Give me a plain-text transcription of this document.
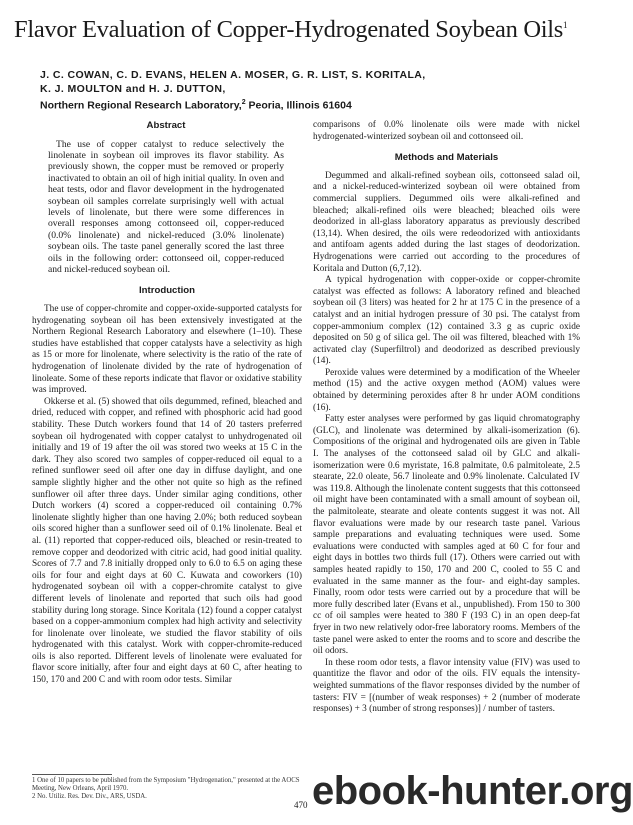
Flavor Evaluation of Copper-Hydrogenated Soybean Oils$^1$
J. C. COWAN, C. D. EVANS, HELEN A. MOSER, G. R. LIST, S. KORITALA,
K. J. MOULTON and H. J. DUTTON,
Northern Regional Research Laboratory,$^2$ Peoria, Illinois 61604
Abstract

The use of copper catalyst to reduce selectively the linolenate in soybean oil improves its flavor stability. As previously shown, the copper must be removed or properly inactivated to obtain an oil of high initial quality. In oven and heat tests, odor and flavor development in the hydrogenated soybean oil samples correlate surprisingly well with actual levels of linolenate, but there were some differences in overall responses among cottonseed oil, copper-reduced (0.0% linolenate) and nickel-reduced (3.0% linolenate) soybean oils. The taste panel generally scored the last three oils in the following order: cottonseed oil, copper-reduced and nickel-reduced soybean oil.

Introduction

The use of copper-chromite and copper-oxide-supported catalysts for hydrogenating soybean oil has been extensively investigated at the Northern Regional Research Laboratory and elsewhere (1–10). These studies have established that copper catalysts have a selectivity as high as 15 or more for linolenate, where selectivity is the ratio of the rate of hydrogenation of linolenate divided by the rate of hydrogenation of linoleate. Some of these reports indicate that flavor or oxidative stability was improved.

Okkerse et al. (5) showed that oils degummed, refined, bleached and dried, reduced with copper, and refined with phosphoric acid had good stability. These Dutch workers found that 14 of 20 tasters preferred soybean oil hydrogenated with copper catalyst to unhydrogenated oil initially and 19 of 19 after the oil was stored two weeks at 15 C in the dark. They also scored two samples of copper-reduced oil equal to a refined sunflower seed oil after one day in diffuse daylight, and one sample slightly higher and the other not quite so high as the refined sunflower oil after three days. Under similar aging conditions, other Dutch workers (4) scored a copper-reduced oil containing 0.7% linolenate slightly higher than one having 2.0%; both reduced soybean oils scored higher than a sunflower seed oil of 0.1% linolenate. Beal et al. (11) reported that copper-reduced oils, bleached or resin-treated to remove copper and deodorized with citric acid, had good initial quality. Scores of 7.7 and 7.8 initially dropped only to 6.0 to 6.5 on aging these oils for four and eight days at 60 C. Kuwata and coworkers (10) hydrogenated soybean oil with a copper-chromite catalyst to give different levels of linolenate and reported that such oils had good stability during long storage. Since Koritala (12) found a copper catalyst based on a copper-ammonium complex had high activity and selectivity for linolenate over linoleate, we studied the flavor stability of oils hydrogenated with this catalyst. Work with copper-chromite-reduced oils is also reported. Different levels of linolenate were evaluated for flavor score initially, after four and eight days at 60 C, after heating to 150, 170 and 200 C and with room odor tests. Similar

comparisons of 0.0% linolenate oils were made with nickel hydrogenated-winterized soybean oil and cottonseed oil.

Methods and Materials

Degummed and alkali-refined soybean oils, cottonseed salad oil, and a nickel-reduced-winterized soybean oil were obtained from commercial suppliers. Degummed oils were alkali-refined and bleached; alkali-refined oils were bleached; bleached oils were deodorized in all-glass laboratory apparatus as previously described (13,14). When desired, the oils were redeodorized with antioxidants and antifoam agents added during the last stages of deodorization. Hydrogenations were carried out according to the procedures of Koritala and Dutton (6,7,12).

A typical hydrogenation with copper-oxide or copper-chromite catalyst was effected as follows: A laboratory refined and bleached soybean oil (3 liters) was heated for 2 hr at 175 C in the presence of a catalyst and an initial hydrogen pressure of 30 psi. The catalyst from copper-ammonium complex (12) contained 3.3 g as cupric oxide deposited on 50 g of silica gel. The oil was filtered, bleached with 1% activated clay (Superfiltrol) and deodorized as described previously (14).

Peroxide values were determined by a modification of the Wheeler method (15) and the active oxygen method (AOM) values were obtained by determining peroxides after 8 hr under AOM conditions (16).

Fatty ester analyses were performed by gas liquid chromatography (GLC), and linolenate was determined by alkali-isomerization (6). Compositions of the original and hydrogenated oils are given in Table I. The analyses of the cottonseed salad oil by GLC and alkali-isomerization were 0.6 myristate, 16.8 palmitate, 0.6 palmitoleate, 2.5 stearate, 22.0 oleate, 56.7 linoleate and 0.9% linolenate. Calculated IV was 119.8. Although the linolenate content suggests that this cottonseed oil might have been contaminated with a small amount of soybean oil, the palmitoleate, stearate and oleate contents suggest it was not. All flavor evaluations were made by our research taste panel. Various sample preparations and evaluating techniques were used. Some evaluations were conducted with samples aged at 60 C for four and eight days in bottles two thirds full (17). Others were carried out with samples heated rapidly to 150, 170 and 200 C, cooled to 55 C and evaluated in the same manner as the four- and eight-day samples. Finally, room odor tests were carried out by a procedure that will be more fully described later (Evans et al., unpublished). From 150 to 300 cc of oil samples were heated to 380 F (193 C) in an open deep-fat fryer in two new relatively odor-free laboratory rooms. Members of the taste panel were asked to enter the rooms and to score and describe the oil odors.

In these room odor tests, a flavor intensity value (FIV) was used to quantitize the flavor and odor of the oils. FIV equals the intensity-weighted summations of the flavor responses divided by the number of tasters: FIV = [(number of weak responses) + 2 (number of moderate responses) + 3 (number of strong responses)] / number of tasters.

1 One of 10 papers to be published from the Symposium "Hydrogenation," presented at the AOCS Meeting, New Orleans, April 1970.
2 No. Utiliz. Res. Dev. Div., ARS, USDA.
470 ebook-hunter.org
